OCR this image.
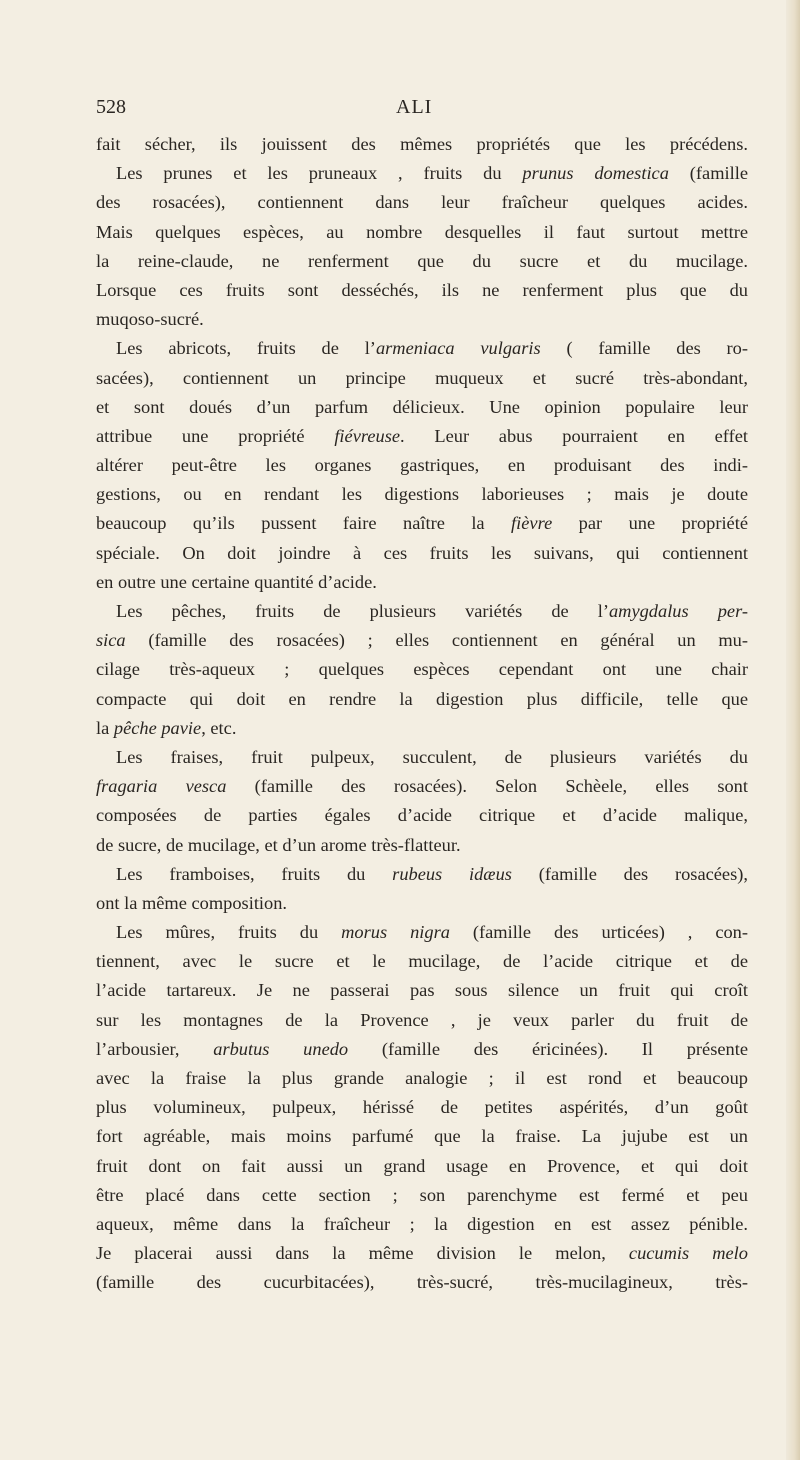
528	ALI
fait sécher, ils jouissent des mêmes propriétés que les précédens.
Les prunes et les pruneaux , fruits du prunus domestica (famille
des rosacées), contiennent dans leur fraîcheur quelques acides.
Mais quelques espèces, au nombre desquelles il faut surtout mettre
la reine-claude, ne renferment que du sucre et du mucilage.
Lorsque ces fruits sont desséchés, ils ne renferment plus que du
muqoso-sucré.
Les abricots, fruits de l’armeniaca vulgaris ( famille des ro-
sacées), contiennent un principe muqueux et sucré très-abondant,
et sont doués d’un parfum délicieux. Une opinion populaire leur
attribue une propriété fiévreuse. Leur abus pourraient en effet
altérer peut-être les organes gastriques, en produisant des indi-
gestions, ou en rendant les digestions laborieuses ; mais je doute
beaucoup qu’ils pussent faire naître la fièvre par une propriété
spéciale. On doit joindre à ces fruits les suivans, qui contiennent
en outre une certaine quantité d’acide.
Les pêches, fruits de plusieurs variétés de l’amygdalus per-
sica (famille des rosacées) ; elles contiennent en général un mu-
cilage très-aqueux ; quelques espèces cependant ont une chair
compacte qui doit en rendre la digestion plus difficile, telle que
la pêche pavie, etc.
Les fraises, fruit pulpeux, succulent, de plusieurs variétés du
fragaria vesca (famille des rosacées). Selon Schèele, elles sont
composées de parties égales d’acide citrique et d’acide malique,
de sucre, de mucilage, et d’un arome très-flatteur.
Les framboises, fruits du rubeus idæus (famille des rosacées),
ont la même composition.
Les mûres, fruits du morus nigra (famille des urticées) , con-
tiennent, avec le sucre et le mucilage, de l’acide citrique et de
l’acide tartareux. Je ne passerai pas sous silence un fruit qui croît
sur les montagnes de la Provence , je veux parler du fruit de
l’arbousier, arbutus unedo (famille des éricinées). Il présente
avec la fraise la plus grande analogie ; il est rond et beaucoup
plus volumineux, pulpeux, hérissé de petites aspérités, d’un goût
fort agréable, mais moins parfumé que la fraise. La jujube est un
fruit dont on fait aussi un grand usage en Provence, et qui doit
être placé dans cette section ; son parenchyme est fermé et peu
aqueux, même dans la fraîcheur ; la digestion en est assez pénible.
Je placerai aussi dans la même division le melon, cucumis melo
(famille des cucurbitacées), très-sucré, très-mucilagineux, très-
